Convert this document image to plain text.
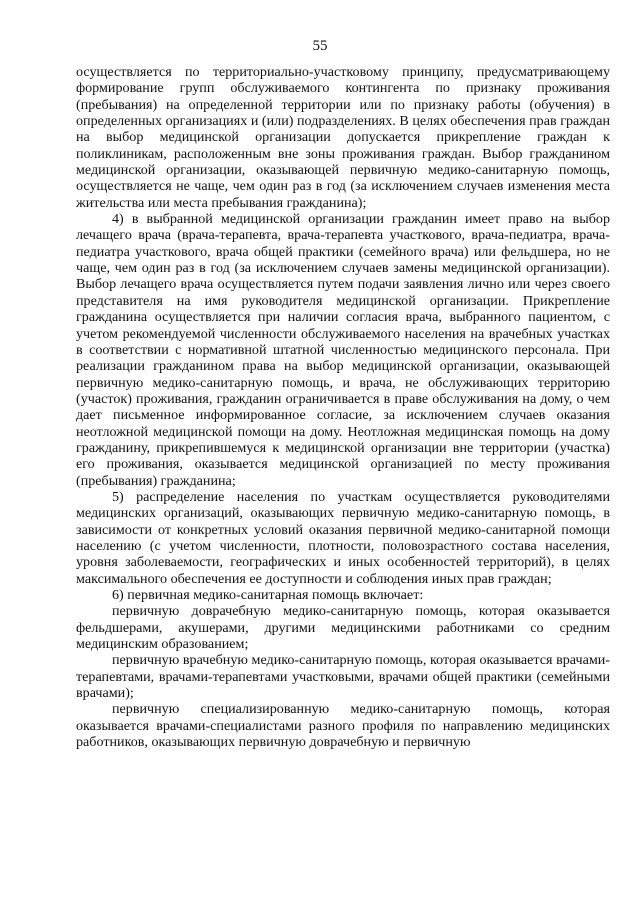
55

осуществляется по территориально-участковому принципу, предусматривающему формирование групп обслуживаемого контингента по признаку проживания (пребывания) на определенной территории или по признаку работы (обучения) в определенных организациях и (или) подразделениях. В целях обеспечения прав граждан на выбор медицинской организации допускается прикрепление граждан к поликлиникам, расположенным вне зоны проживания граждан. Выбор гражданином медицинской организации, оказывающей первичную медико-санитарную помощь, осуществляется не чаще, чем один раз в год (за исключением случаев изменения места жительства или места пребывания гражданина);

4) в выбранной медицинской организации гражданин имеет право на выбор лечащего врача (врача-терапевта, врача-терапевта участкового, врача-педиатра, врача-педиатра участкового, врача общей практики (семейного врача) или фельдшера, но не чаще, чем один раз в год (за исключением случаев замены медицинской организации). Выбор лечащего врача осуществляется путем подачи заявления лично или через своего представителя на имя руководителя медицинской организации. Прикрепление гражданина осуществляется при наличии согласия врача, выбранного пациентом, с учетом рекомендуемой численности обслуживаемого населения на врачебных участках в соответствии с нормативной штатной численностью медицинского персонала. При реализации гражданином права на выбор медицинской организации, оказывающей первичную медико-санитарную помощь, и врача, не обслуживающих территорию (участок) проживания, гражданин ограничивается в праве обслуживания на дому, о чем дает письменное информированное согласие, за исключением случаев оказания неотложной медицинской помощи на дому. Неотложная медицинская помощь на дому гражданину, прикрепившемуся к медицинской организации вне территории (участка) его проживания, оказывается медицинской организацией по месту проживания (пребывания) гражданина;

5) распределение населения по участкам осуществляется руководителями медицинских организаций, оказывающих первичную медико-санитарную помощь, в зависимости от конкретных условий оказания первичной медико-санитарной помощи населению (с учетом численности, плотности, половозрастного состава населения, уровня заболеваемости, географических и иных особенностей территорий), в целях максимального обеспечения ее доступности и соблюдения иных прав граждан;

6) первичная медико-санитарная помощь включает:

первичную доврачебную медико-санитарную помощь, которая оказывается фельдшерами, акушерами, другими медицинскими работниками со средним медицинским образованием;

первичную врачебную медико-санитарную помощь, которая оказывается врачами-терапевтами, врачами-терапевтами участковыми, врачами общей практики (семейными врачами);

первичную специализированную медико-санитарную помощь, которая оказывается врачами-специалистами разного профиля по направлению медицинских работников, оказывающих первичную доврачебную и первичную
